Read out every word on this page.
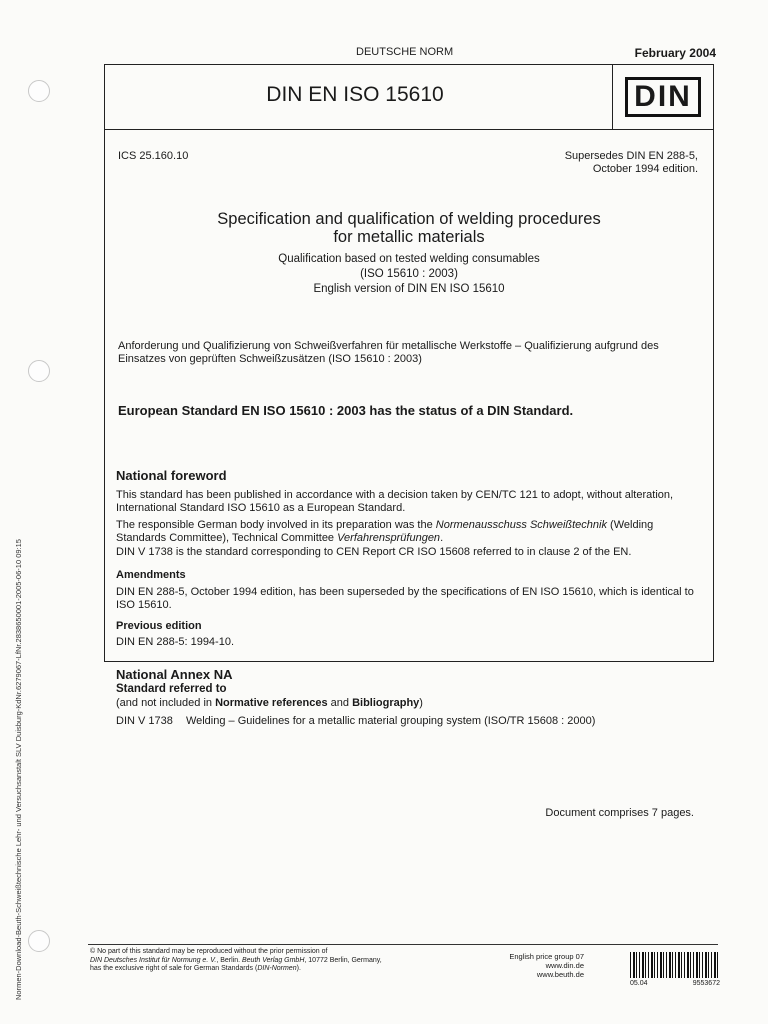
Normen-Download-Beuth-Schweißtechnische Lehr- und Versuchsanstalt SLV Duisburg-KdNr.6279067-LfNr.2838650001-2005-06-10 09:15
DEUTSCHE NORM	February 2004
DIN EN ISO 15610	DIN
ICS 25.160.10	Supersedes DIN EN 288-5,
October 1994 edition.
Specification and qualification of welding procedures
for metallic materials
Qualification based on tested welding consumables
(ISO 15610 : 2003)
English version of DIN EN ISO 15610
Anforderung und Qualifizierung von Schweißverfahren für metallische Werkstoffe – Qualifizierung aufgrund des Einsatzes von geprüften Schweißzusätzen (ISO 15610 : 2003)
European Standard EN ISO 15610 : 2003 has the status of a DIN Standard.
National foreword
This standard has been published in accordance with a decision taken by CEN/TC 121 to adopt, without alteration, International Standard ISO 15610 as a European Standard.
The responsible German body involved in its preparation was the Normenausschuss Schweißtechnik (Welding Standards Committee), Technical Committee Verfahrensprüfungen.
DIN V 1738 is the standard corresponding to CEN Report CR ISO 15608 referred to in clause 2 of the EN.
Amendments
DIN EN 288-5, October 1994 edition, has been superseded by the specifications of EN ISO 15610, which is identical to ISO 15610.
Previous edition
DIN EN 288-5: 1994-10.
National Annex NA
Standard referred to
(and not included in Normative references and Bibliography)
DIN V 1738 Welding – Guidelines for a metallic material grouping system (ISO/TR 15608 : 2000)
Document comprises 7 pages.
© No part of this standard may be reproduced without the prior permission of
DIN Deutsches Institut für Normung e. V., Berlin. Beuth Verlag GmbH, 10772 Berlin, Germany,
has the exclusive right of sale for German Standards (DIN-Normen).
English price group 07
www.din.de
www.beuth.de
05.04	9553672
